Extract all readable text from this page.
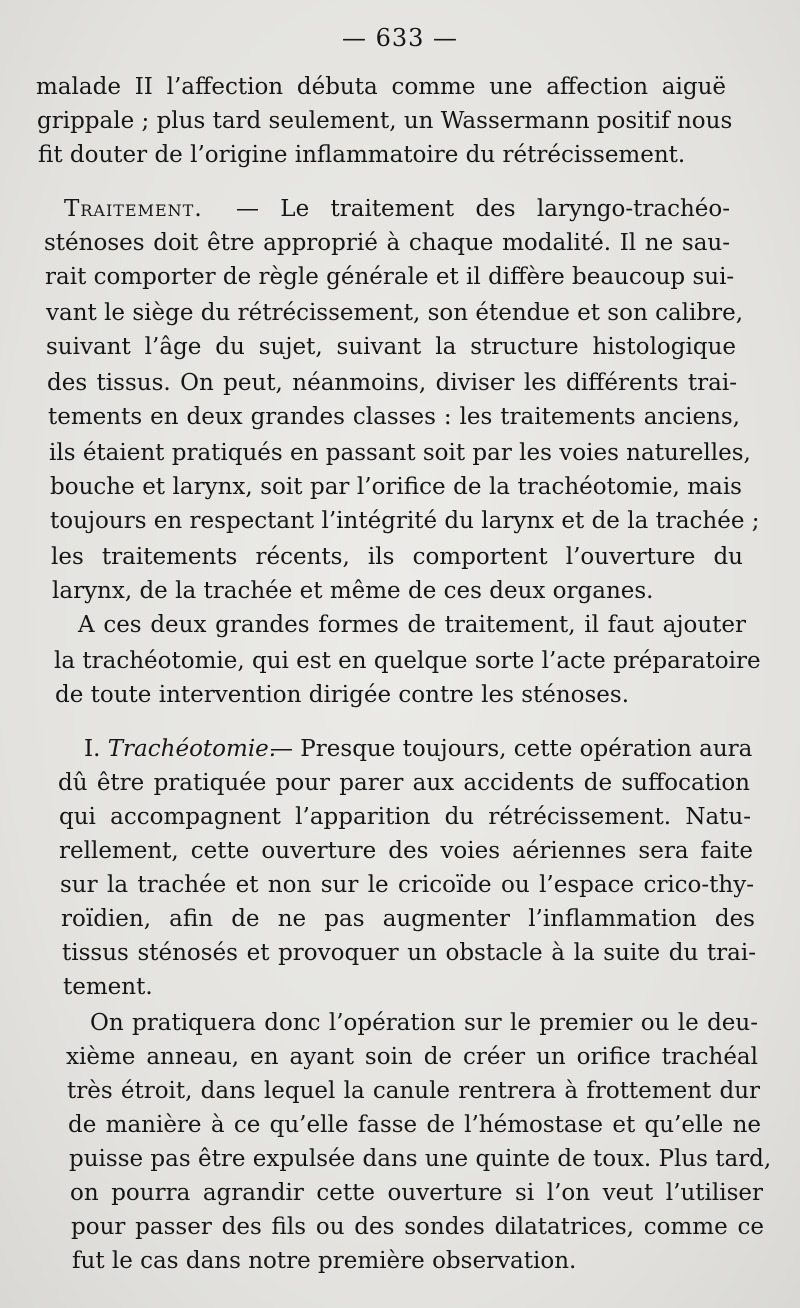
— 633 —
malade II l’affection débuta comme une affection aiguë
grippale ; plus tard seulement, un Wassermann positif nous
fit douter de l’origine inflammatoire du rétrécissement.
Traitement.	— Le traitement des laryngo-trachéo-
sténoses doit être approprié à chaque modalité. Il ne sau-
rait comporter de règle générale et il diffère beaucoup sui-
vant le siège du rétrécissement, son étendue et son calibre,
suivant l’âge du sujet, suivant la structure histologique
des tissus. On peut, néanmoins, diviser les différents trai-
tements en deux grandes classes : les traitements anciens,
ils étaient pratiqués en passant soit par les voies naturelles,
bouche et larynx, soit par l’orifice de la trachéotomie, mais
toujours en respectant l’intégrité du larynx et de la trachée ;
les traitements récents, ils comportent l’ouverture du
larynx, de la trachée et même de ces deux organes.
A ces deux grandes formes de traitement, il faut ajouter
la trachéotomie, qui est en quelque sorte l’acte préparatoire
de toute intervention dirigée contre les sténoses.
I. Trachéotomie.
— Presque toujours, cette opération aura
dû être pratiquée pour parer aux accidents de suffocation
qui accompagnent l’apparition du rétrécissement. Natu-
rellement, cette ouverture des voies aériennes sera faite
sur la trachée et non sur le cricoïde ou l’espace crico-thy-
roïdien, afin de ne pas augmenter l’inflammation des
tissus sténosés et provoquer un obstacle à la suite du trai-
tement.
On pratiquera donc l’opération sur le premier ou le deu-
xième anneau, en ayant soin de créer un orifice trachéal
très étroit, dans lequel la canule rentrera à frottement dur
de manière à ce qu’elle fasse de l’hémostase et qu’elle ne
puisse pas être expulsée dans une quinte de toux. Plus tard,
on pourra agrandir cette ouverture si l’on veut l’utiliser
pour passer des fils ou des sondes dilatatrices, comme ce
fut le cas dans notre première observation.
